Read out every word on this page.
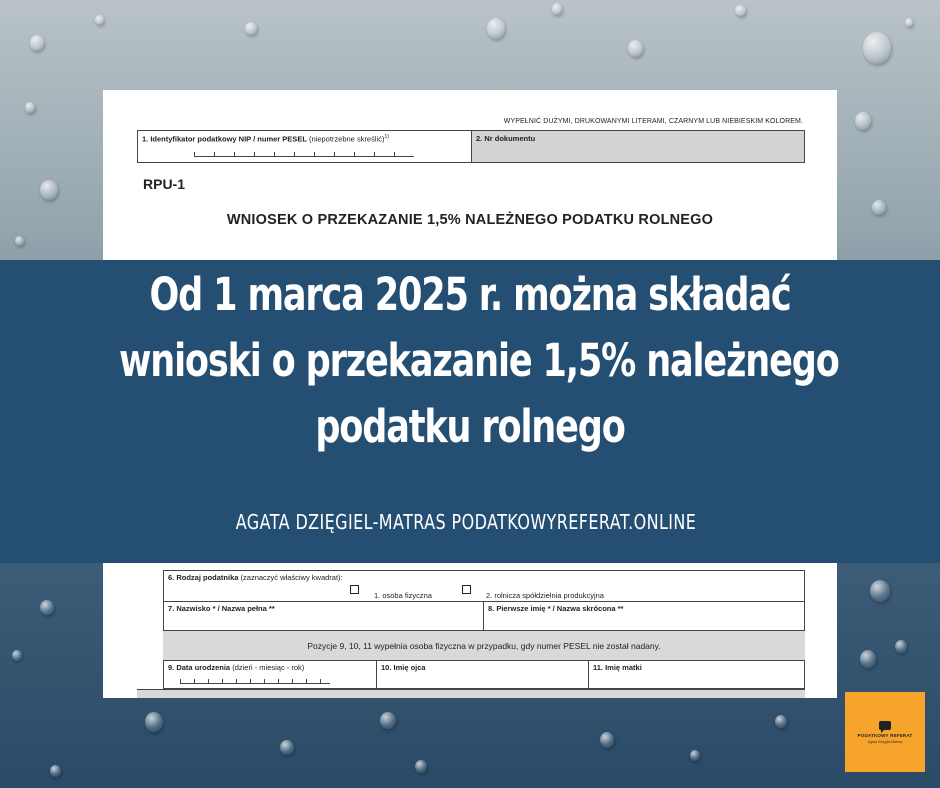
WYPEŁNIĆ DUŻYMI, DRUKOWANYMI LITERAMI, CZARNYM LUB NIEBIESKIM KOLOREM.
1. Identyfikator podatkowy NIP / numer PESEL (niepotrzebne skreślić)$^{1)}$	2. Nr dokumentu
RPU-1
WNIOSEK O PRZEKAZANIE 1,5% NALEŻNEGO PODATKU ROLNEGO
6. Rodzaj podatnika (zaznaczyć właściwy kwadrat):
1. osoba fizyczna	2. rolnicza spółdzielnia produkcyjna
7. Nazwisko * / Nazwa pełna **	8. Pierwsze imię * / Nazwa skrócona **
Pozycje 9, 10, 11 wypełnia osoba fizyczna w przypadku, gdy numer PESEL nie został nadany.
9. Data urodzenia (dzień - miesiąc - rok)	10. Imię ojca	11. Imię matki
Od 1 marca 2025 r. można składać
wnioski o przekazanie 1,5% należnego
podatku rolnego
AGATA DZIĘGIEL-MATRAS PODATKOWYREFERAT.ONLINE
PODATKOWY REFERAT
Agata Dzięgiel-Matras
